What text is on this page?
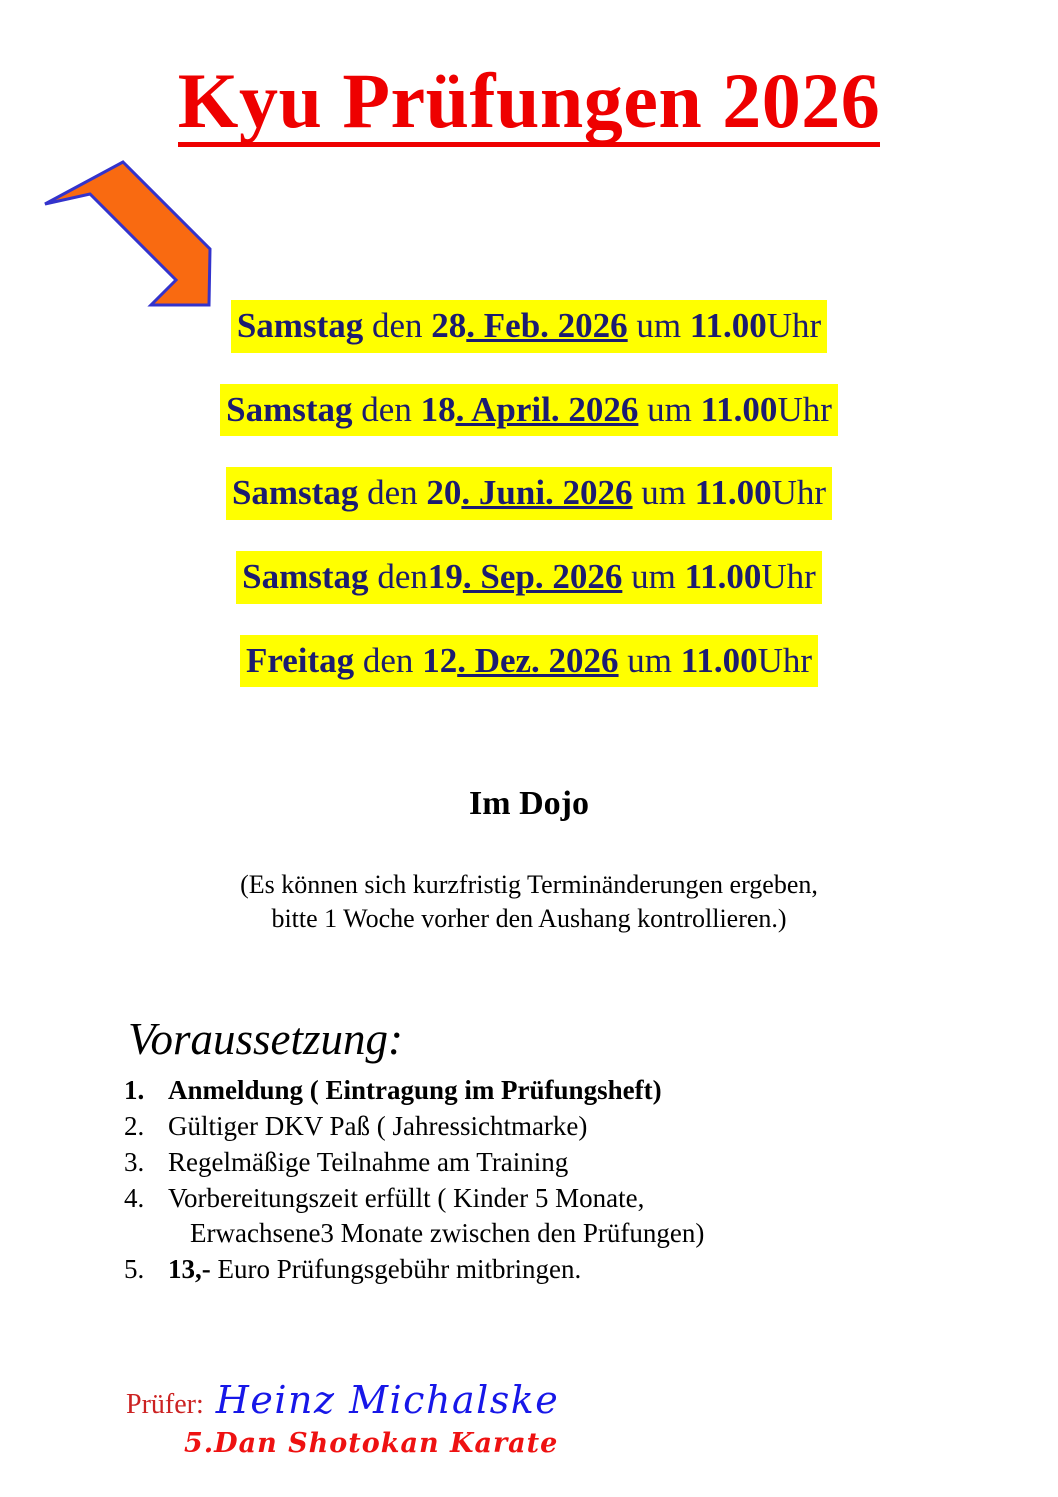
Kyu Prüfungen 2026
Samstag den 28. Feb. 2026 um 11.00Uhr
Samstag den 18. April. 2026 um 11.00Uhr
Samstag den 20. Juni. 2026 um 11.00Uhr
Samstag den19. Sep. 2026 um 11.00Uhr
Freitag den 12. Dez. 2026 um 11.00Uhr
Im Dojo
(Es können sich kurzfristig Terminänderungen ergeben,
bitte 1 Woche vorher den Aushang kontrollieren.)
Voraussetzung:
1. Anmeldung ( Eintragung im Prüfungsheft)
2. Gültiger DKV Paß ( Jahressichtmarke)
3. Regelmäßige Teilnahme am Training
4. Vorbereitungszeit erfüllt ( Kinder 5 Monate,
Erwachsene3 Monate zwischen den Prüfungen)
5. 13,- Euro Prüfungsgebühr mitbringen.
Prüfer: Heinz Michalske
5.Dan Shotokan Karate
